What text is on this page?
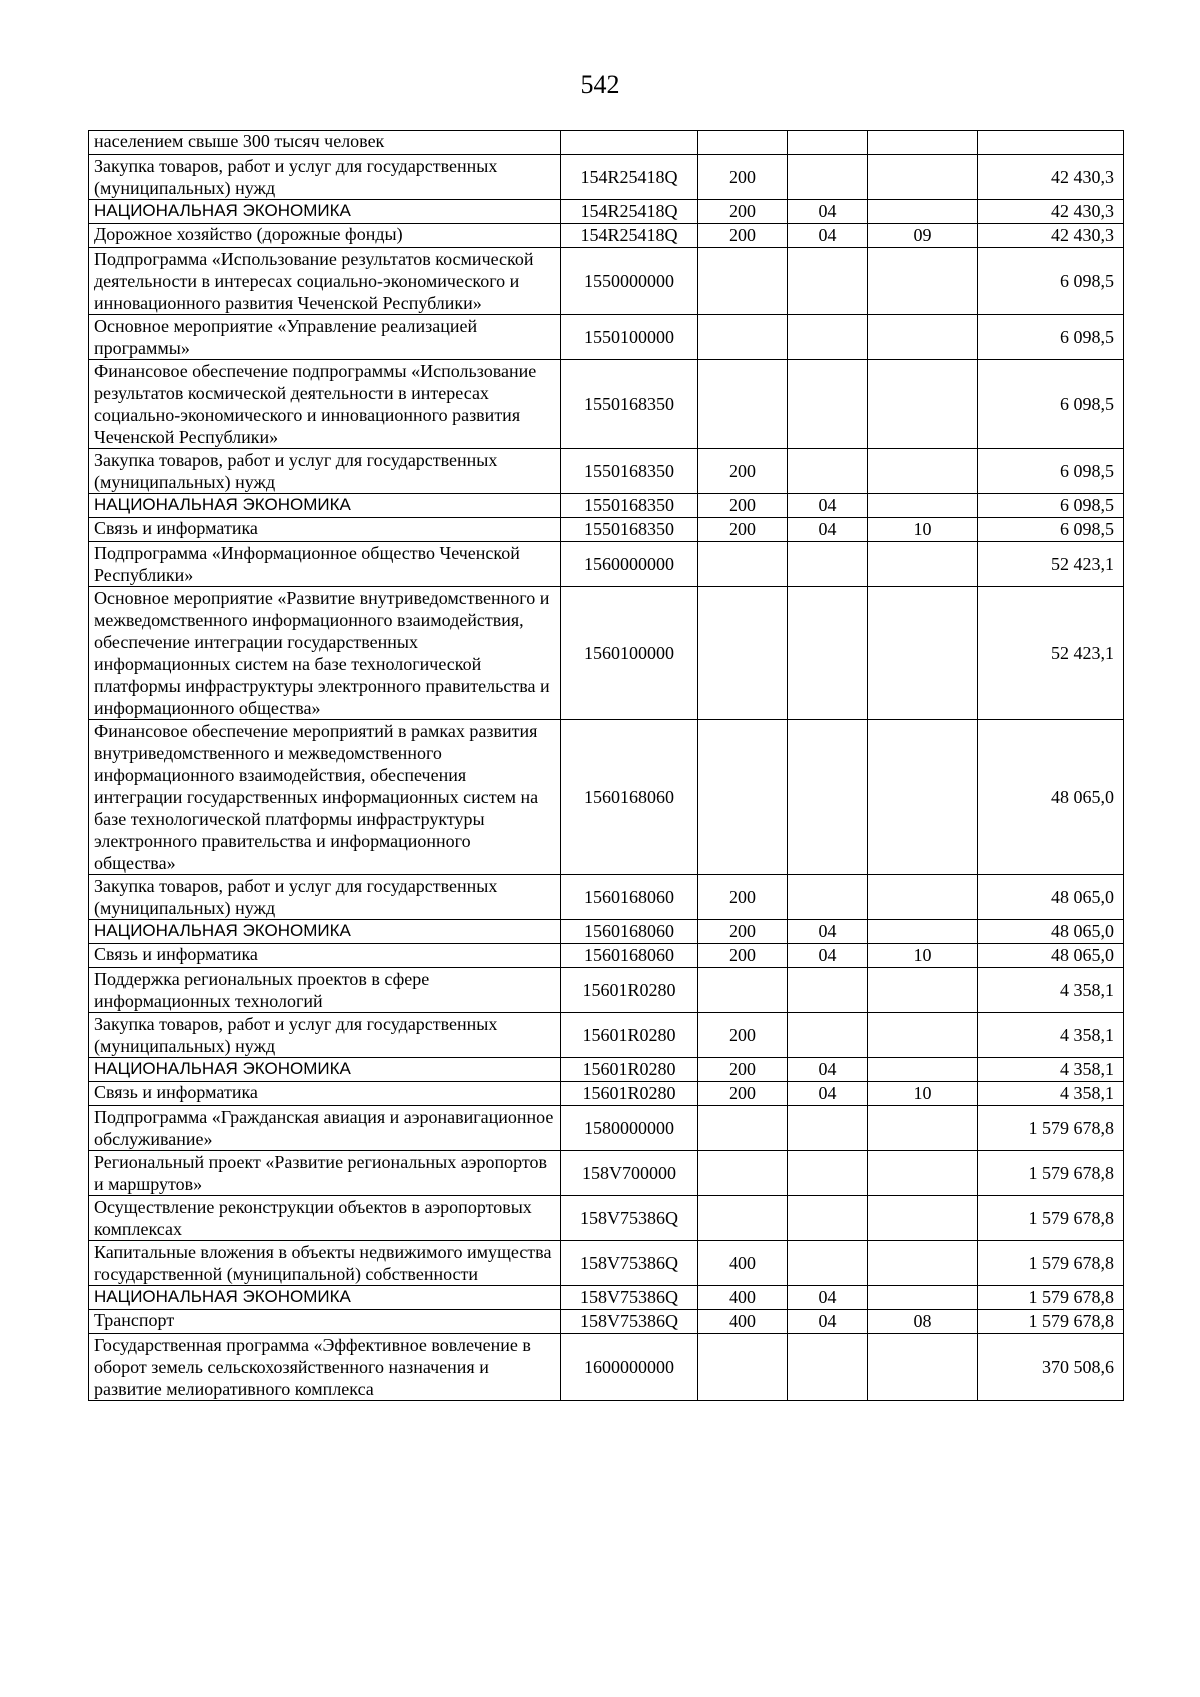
542
населением свыше 300 тысяч человек					
Закупка товаров, работ и услуг для государственных (муниципальных) нужд	154R25418Q	200			42 430,3
НАЦИОНАЛЬНАЯ ЭКОНОМИКА	154R25418Q	200	04		42 430,3
Дорожное хозяйство (дорожные фонды)	154R25418Q	200	04	09	42 430,3
Подпрограмма «Использование результатов космической деятельности в интересах социально-экономического и инновационного развития Чеченской Республики»	1550000000				6 098,5
Основное мероприятие «Управление реализацией программы»	1550100000				6 098,5
Финансовое обеспечение подпрограммы «Использование результатов космической деятельности в интересах социально-экономического и инновационного развития Чеченской Республики»	1550168350				6 098,5
Закупка товаров, работ и услуг для государственных (муниципальных) нужд	1550168350	200			6 098,5
НАЦИОНАЛЬНАЯ ЭКОНОМИКА	1550168350	200	04		6 098,5
Связь и информатика	1550168350	200	04	10	6 098,5
Подпрограмма «Информационное общество Чеченской Республики»	1560000000				52 423,1
Основное мероприятие «Развитие внутриведомственного и межведомственного информационного взаимодействия, обеспечение интеграции государственных информационных систем на базе технологической платформы инфраструктуры электронного правительства и информационного общества»	1560100000				52 423,1
Финансовое обеспечение мероприятий в рамках развития внутриведомственного и межведомственного информационного взаимодействия, обеспечения интеграции государственных информационных систем на базе технологической платформы инфраструктуры электронного правительства и информационного общества»	1560168060				48 065,0
Закупка товаров, работ и услуг для государственных (муниципальных) нужд	1560168060	200			48 065,0
НАЦИОНАЛЬНАЯ ЭКОНОМИКА	1560168060	200	04		48 065,0
Связь и информатика	1560168060	200	04	10	48 065,0
Поддержка региональных проектов в сфере информационных технологий	15601R0280				4 358,1
Закупка товаров, работ и услуг для государственных (муниципальных) нужд	15601R0280	200			4 358,1
НАЦИОНАЛЬНАЯ ЭКОНОМИКА	15601R0280	200	04		4 358,1
Связь и информатика	15601R0280	200	04	10	4 358,1
Подпрограмма «Гражданская авиация и аэронавигационное обслуживание»	1580000000				1 579 678,8
Региональный проект «Развитие региональных аэропортов и маршрутов»	158V700000				1 579 678,8
Осуществление реконструкции объектов в аэропортовых комплексах	158V75386Q				1 579 678,8
Капитальные вложения в объекты недвижимого имущества государственной (муниципальной) собственности	158V75386Q	400			1 579 678,8
НАЦИОНАЛЬНАЯ ЭКОНОМИКА	158V75386Q	400	04		1 579 678,8
Транспорт	158V75386Q	400	04	08	1 579 678,8
Государственная программа «Эффективное вовлечение в оборот земель сельскохозяйственного назначения и развитие мелиоративного комплекса	1600000000				370 508,6
